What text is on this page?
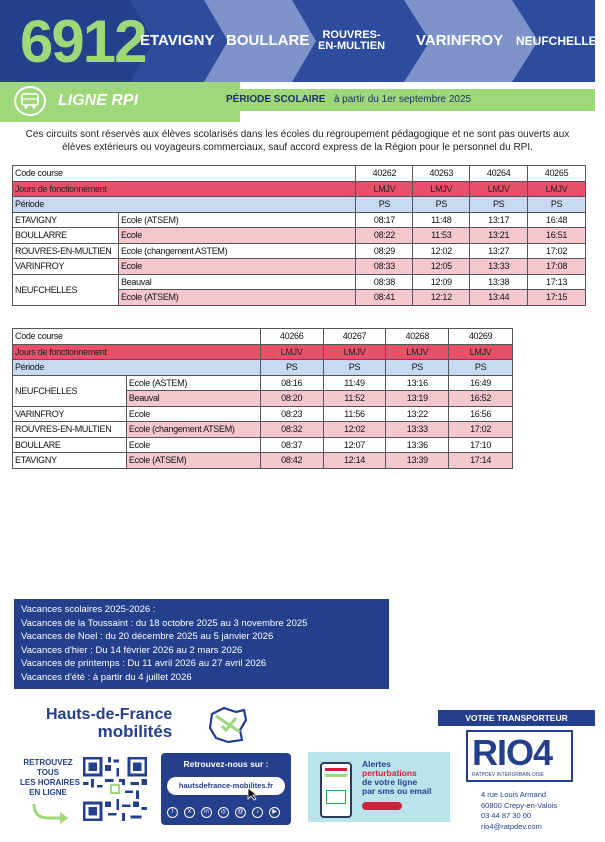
6912
ETAVIGNY BOULLARE	ROUVRES-
EN-MULTIEN VARINFROY NEUFCHELLES
LIGNE RPI	PÉRIODE SCOLAIRE à partir du 1er septembre 2025
Ces circuits sont réservés aux élèves scolarisés dans les écoles du regroupement pédagogique et ne sont pas ouverts aux élèves extérieurs ou voyageurs commerciaux, sauf accord express de la Région pour le personnel du RPI.
Code course		40262	40263	40264	40265
Jours de fonctionnement		LMJV	LMJV	LMJV	LMJV
Période		PS	PS	PS	PS
ETAVIGNY	Ecole (ATSEM)	08:17	11:48	13:17	16:48
BOULLARRE	Ecole	08:22	11:53	13:21	16:51
ROUVRES-EN-MULTIEN	Ecole (changement ASTEM)	08:29	12:02	13:27	17:02
VARINFROY	Ecole	08:33	12:05	13:33	17:08
NEUFCHELLES	Beauval	08:38	12:09	13:38	17:13
	Ecole (ATSEM)	08:41	12:12	13:44	17:15
Code course		40266	40267	40268	40269
Jours de fonctionnement		LMJV	LMJV	LMJV	LMJV
Période		PS	PS	PS	PS
NEUFCHELLES	Ecole (ASTEM)	08:16	11:49	13:16	16:49
	Beauval	08:20	11:52	13:19	16:52
VARINFROY	Ecole	08:23	11:56	13:22	16:56
ROUVRES-EN-MULTIEN	Ecole (changement ATSEM)	08:32	12:02	13:33	17:02
BOULLARE	Ecole	08:37	12:07	13:36	17:10
ETAVIGNY	Ecole (ATSEM)	08:42	12:14	13:39	17:14
Vacances scolaires 2025-2026 :
Vacances de la Toussaint : du 18 octobre 2025 au 3 novembre 2025
Vacances de Noel : du 20 décembre 2025 au 5 janvier 2026
Vacances d'hier : Du 14 février 2026 au 2 mars 2026
Vacances de printemps : Du 11 avril 2026 au 27 avril 2026
Vacances d'été : à partir du 4 juillet 2026
Hauts-de-France
mobilités
RETROUVEZ
TOUS
LES HORAIRES
EN LIGNE
Retrouvez-nous sur :
hautsdefrance-mobilites.fr
f	X	in	◎	@	♪	▶
Alertes
perturbations
de votre ligne
par sms ou email
VOTRE TRANSPORTEUR
RIO4
RATPDEV INTERURBAIN OISE
4 rue Louis Armand
60800 Crepy-en-Valois
03 44 87 30 00
rio4@ratpdev.com
